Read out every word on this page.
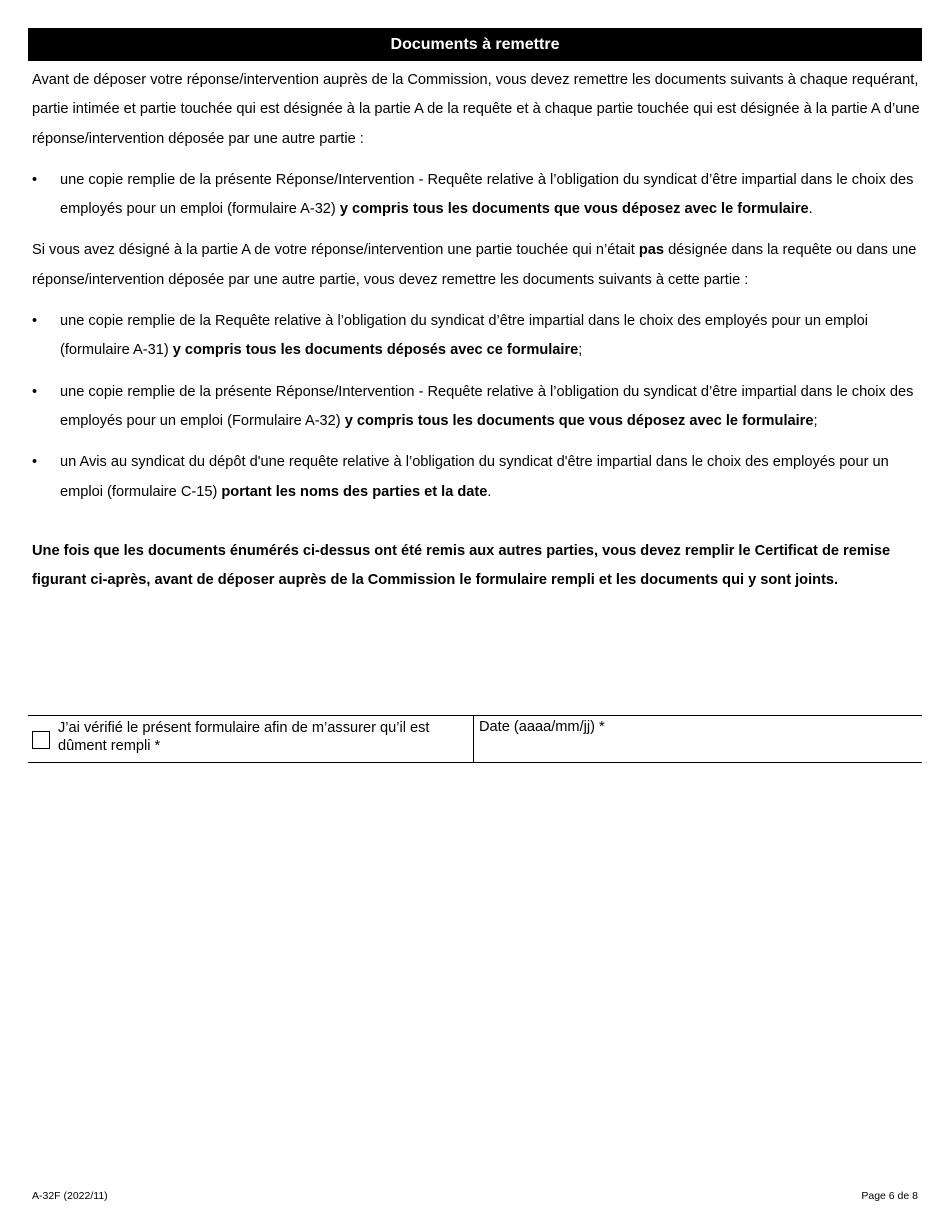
Documents à remettre

Avant de déposer votre réponse/intervention auprès de la Commission, vous devez remettre les documents suivants à chaque requérant, partie intimée et partie touchée qui est désignée à la partie A de la requête et à chaque partie touchée qui est désignée à la partie A d’une réponse/intervention déposée par une autre partie :

•	une copie remplie de la présente Réponse/Intervention - Requête relative à l’obligation du syndicat d’être impartial dans le choix des employés pour un emploi (formulaire A-32) y compris tous les documents que vous déposez avec le formulaire.

Si vous avez désigné à la partie A de votre réponse/intervention une partie touchée qui n’était pas désignée dans la requête ou dans une réponse/intervention déposée par une autre partie, vous devez remettre les documents suivants à cette partie :

•	une copie remplie de la Requête relative à l’obligation du syndicat d’être impartial dans le choix des employés pour un emploi (formulaire A-31) y compris tous les documents déposés avec ce formulaire;
•	une copie remplie de la présente Réponse/Intervention - Requête relative à l’obligation du syndicat d’être impartial dans le choix des employés pour un emploi (Formulaire A-32) y compris tous les documents que vous déposez avec le formulaire;
•	un Avis au syndicat du dépôt d'une requête relative à l’obligation du syndicat d'être impartial dans le choix des employés pour un emploi (formulaire C-15) portant les noms des parties et la date.

Une fois que les documents énumérés ci-dessus ont été remis aux autres parties, vous devez remplir le Certificat de remise figurant ci-après, avant de déposer auprès de la Commission le formulaire rempli et les documents qui y sont joints.

J’ai vérifié le présent formulaire afin de m’assurer qu’il est dûment rempli *
Date (aaaa/mm/jj) *
A-32F (2022/11)	Page 6 de 8
